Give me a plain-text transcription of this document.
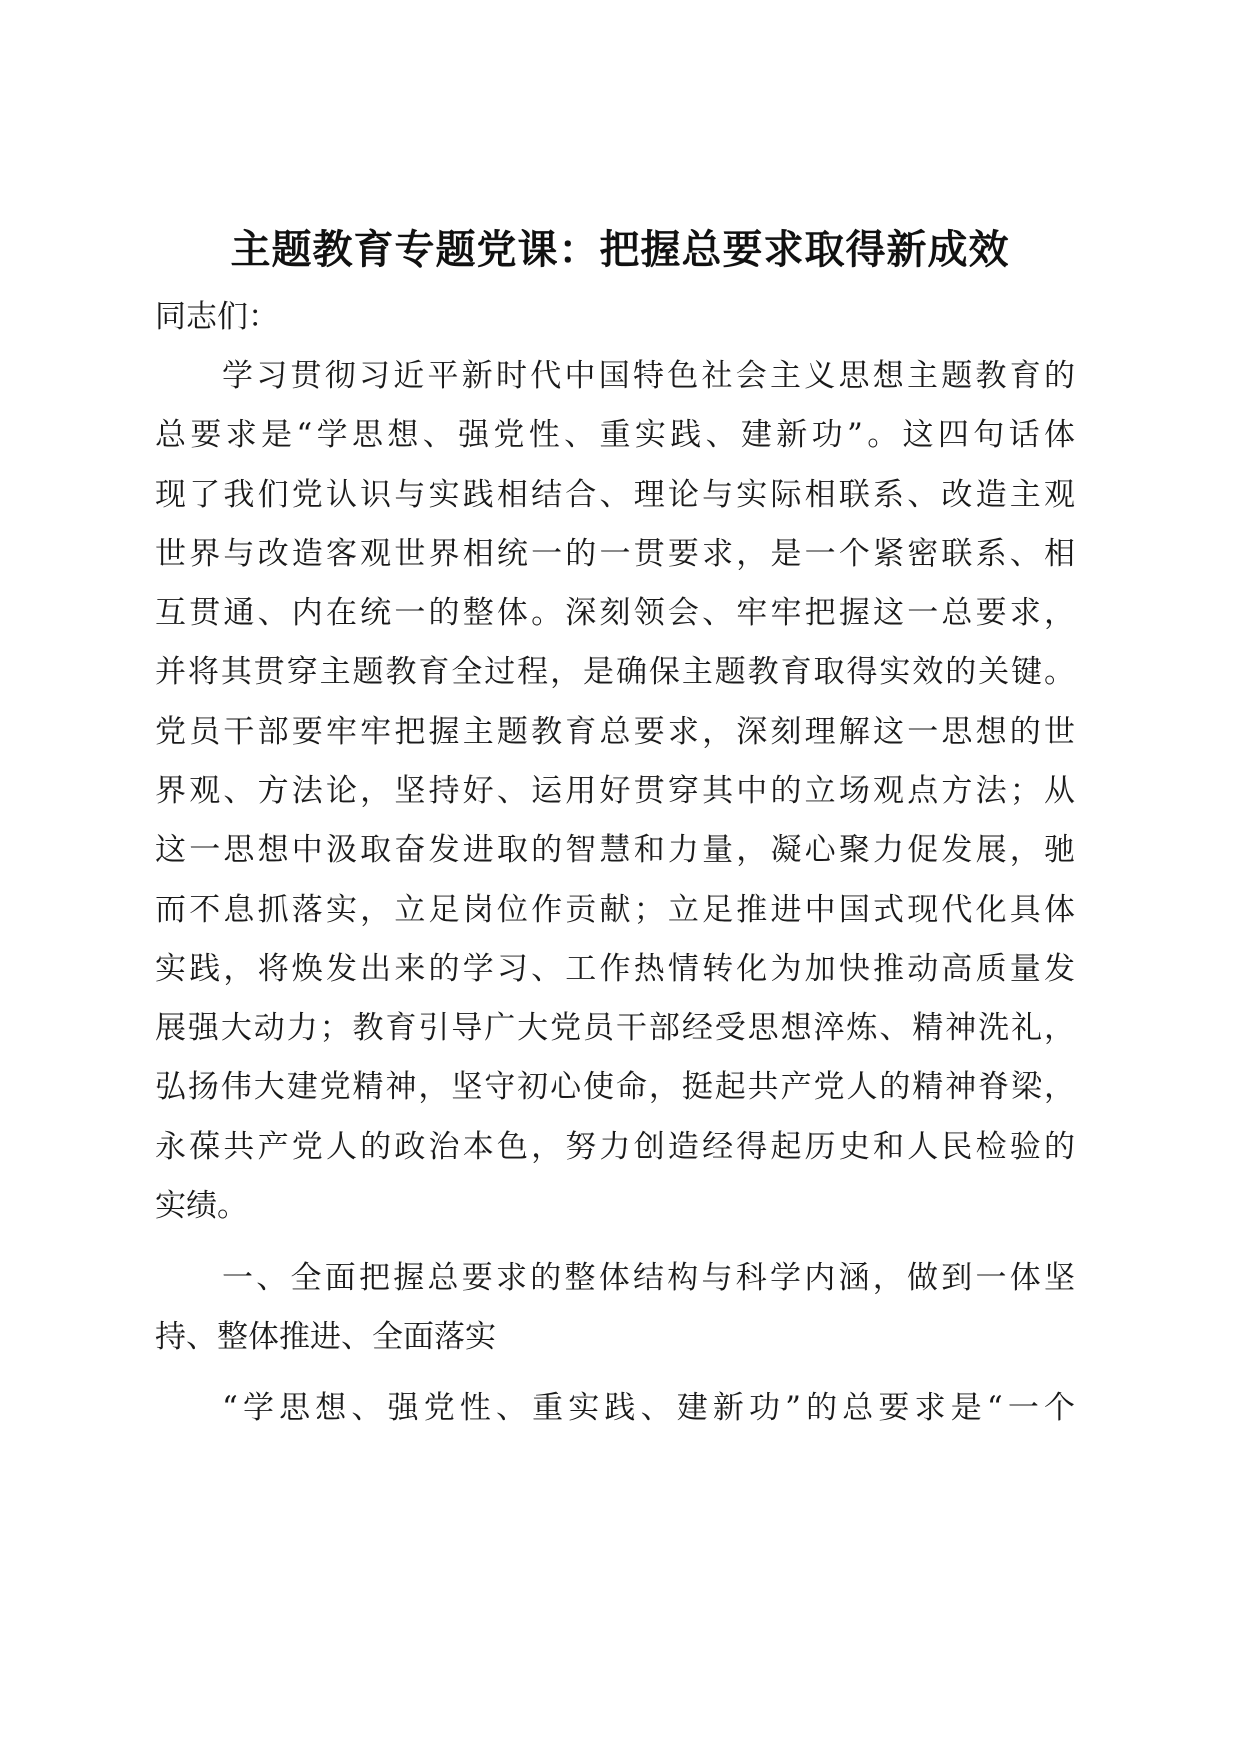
主题教育专题党课：把握总要求取得新成效
同志们：
学习贯彻习近平新时代中国特色社会主义思想主题教育的
总要求是“学思想、强党性、重实践、建新功”。这四句话体
现了我们党认识与实践相结合、理论与实际相联系、改造主观
世界与改造客观世界相统一的一贯要求，是一个紧密联系、相
互贯通、内在统一的整体。深刻领会、牢牢把握这一总要求，
并将其贯穿主题教育全过程，是确保主题教育取得实效的关键。
党员干部要牢牢把握主题教育总要求，深刻理解这一思想的世
界观、方法论，坚持好、运用好贯穿其中的立场观点方法；从
这一思想中汲取奋发进取的智慧和力量，凝心聚力促发展，驰
而不息抓落实，立足岗位作贡献；立足推进中国式现代化具体
实践，将焕发出来的学习、工作热情转化为加快推动高质量发
展强大动力；教育引导广大党员干部经受思想淬炼、精神洗礼，
弘扬伟大建党精神，坚守初心使命，挺起共产党人的精神脊梁，
永葆共产党人的政治本色，努力创造经得起历史和人民检验的
实绩。
一、全面把握总要求的整体结构与科学内涵，做到一体坚
持、整体推进、全面落实
“学思想、强党性、重实践、建新功”的总要求是“一个
